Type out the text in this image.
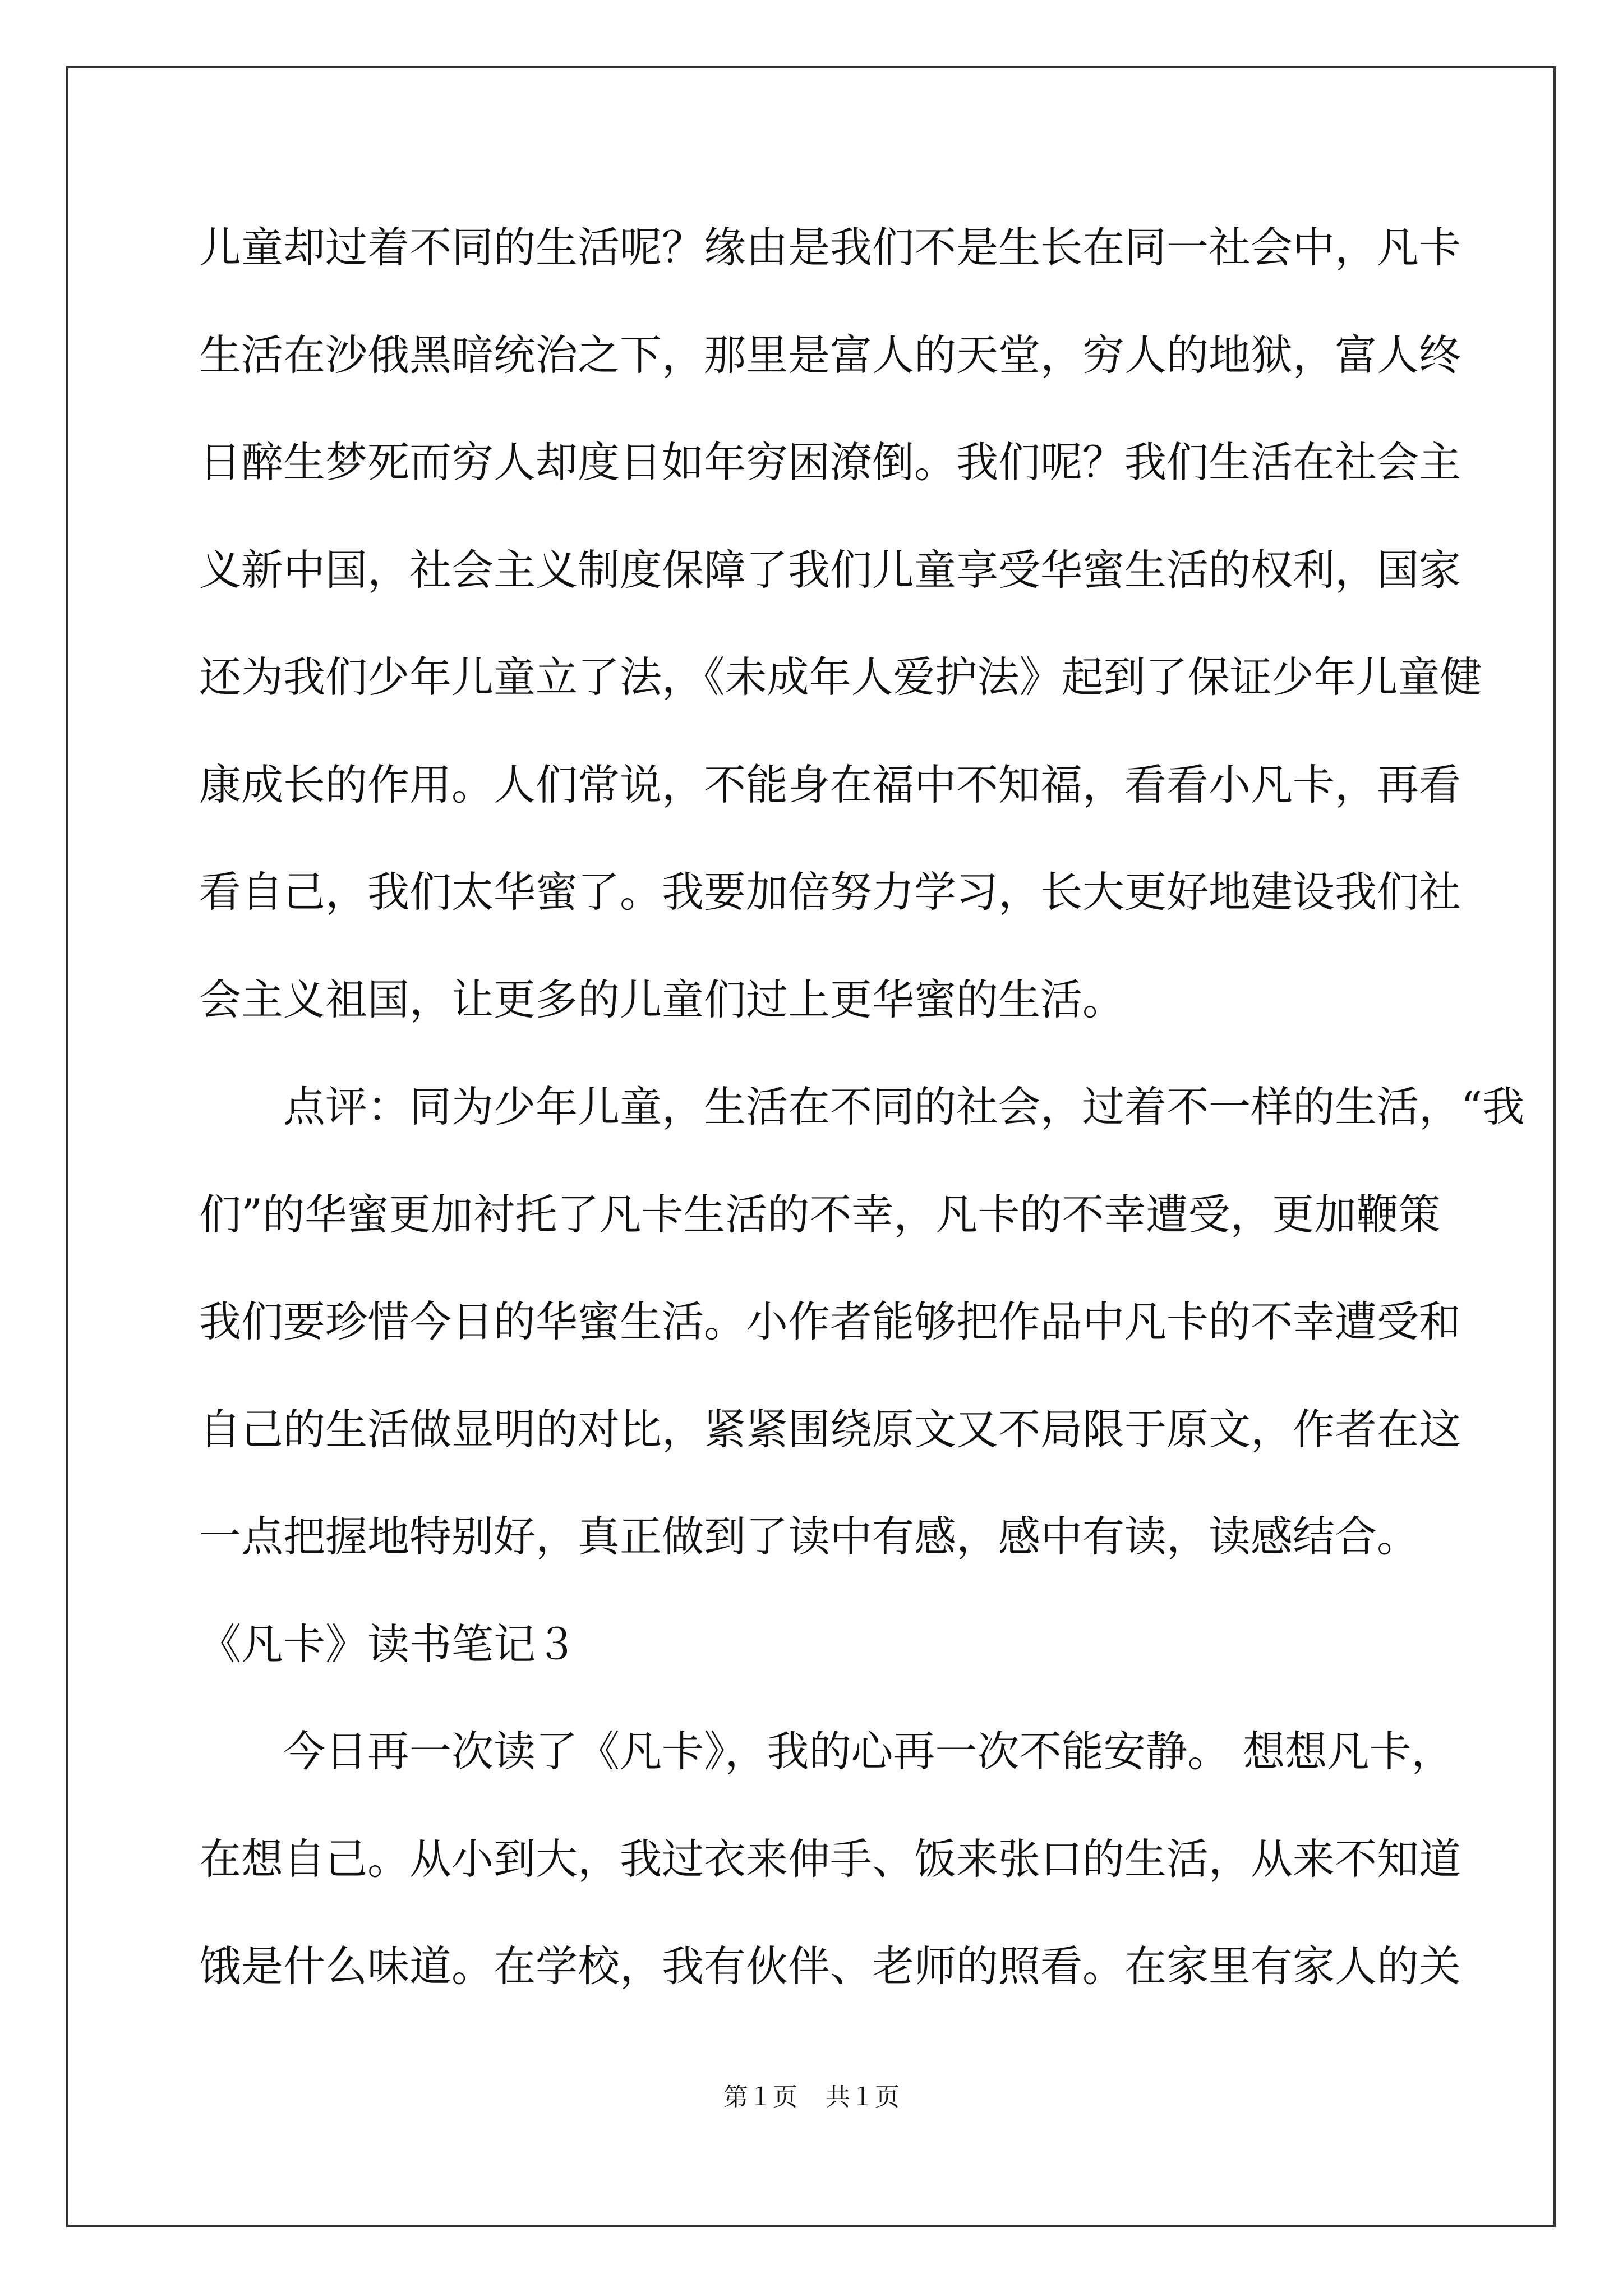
儿童却过着不同的生活呢？缘由是我们不是生长在同一社会中，凡卡
生活在沙俄黑暗统治之下，那里是富人的天堂，穷人的地狱，富人终
日醉生梦死而穷人却度日如年穷困潦倒。我们呢？我们生活在社会主
义新中国，社会主义制度保障了我们儿童享受华蜜生活的权利，国家
还为我们少年儿童立了法，《未成年人爱护法》起到了保证少年儿童健
康成长的作用。人们常说，不能身在福中不知福，看看小凡卡，再看
看自己，我们太华蜜了。我要加倍努力学习，长大更好地建设我们社
会主义祖国，让更多的儿童们过上更华蜜的生活。
点评：同为少年儿童，生活在不同的社会，过着不一样的生活，“我
们”的华蜜更加衬托了凡卡生活的不幸，凡卡的不幸遭受，更加鞭策
我们要珍惜今日的华蜜生活。小作者能够把作品中凡卡的不幸遭受和
自己的生活做显明的对比，紧紧围绕原文又不局限于原文，作者在这
一点把握地特别好，真正做到了读中有感，感中有读，读感结合。
《凡卡》读书笔记３
今日再一次读了《凡卡》，我的心再一次不能安静。 想想凡卡，
在想自己。从小到大，我过衣来伸手、饭来张口的生活，从来不知道
饿是什么味道。在学校，我有伙伴、老师的照看。在家里有家人的关
第１页 共１页
